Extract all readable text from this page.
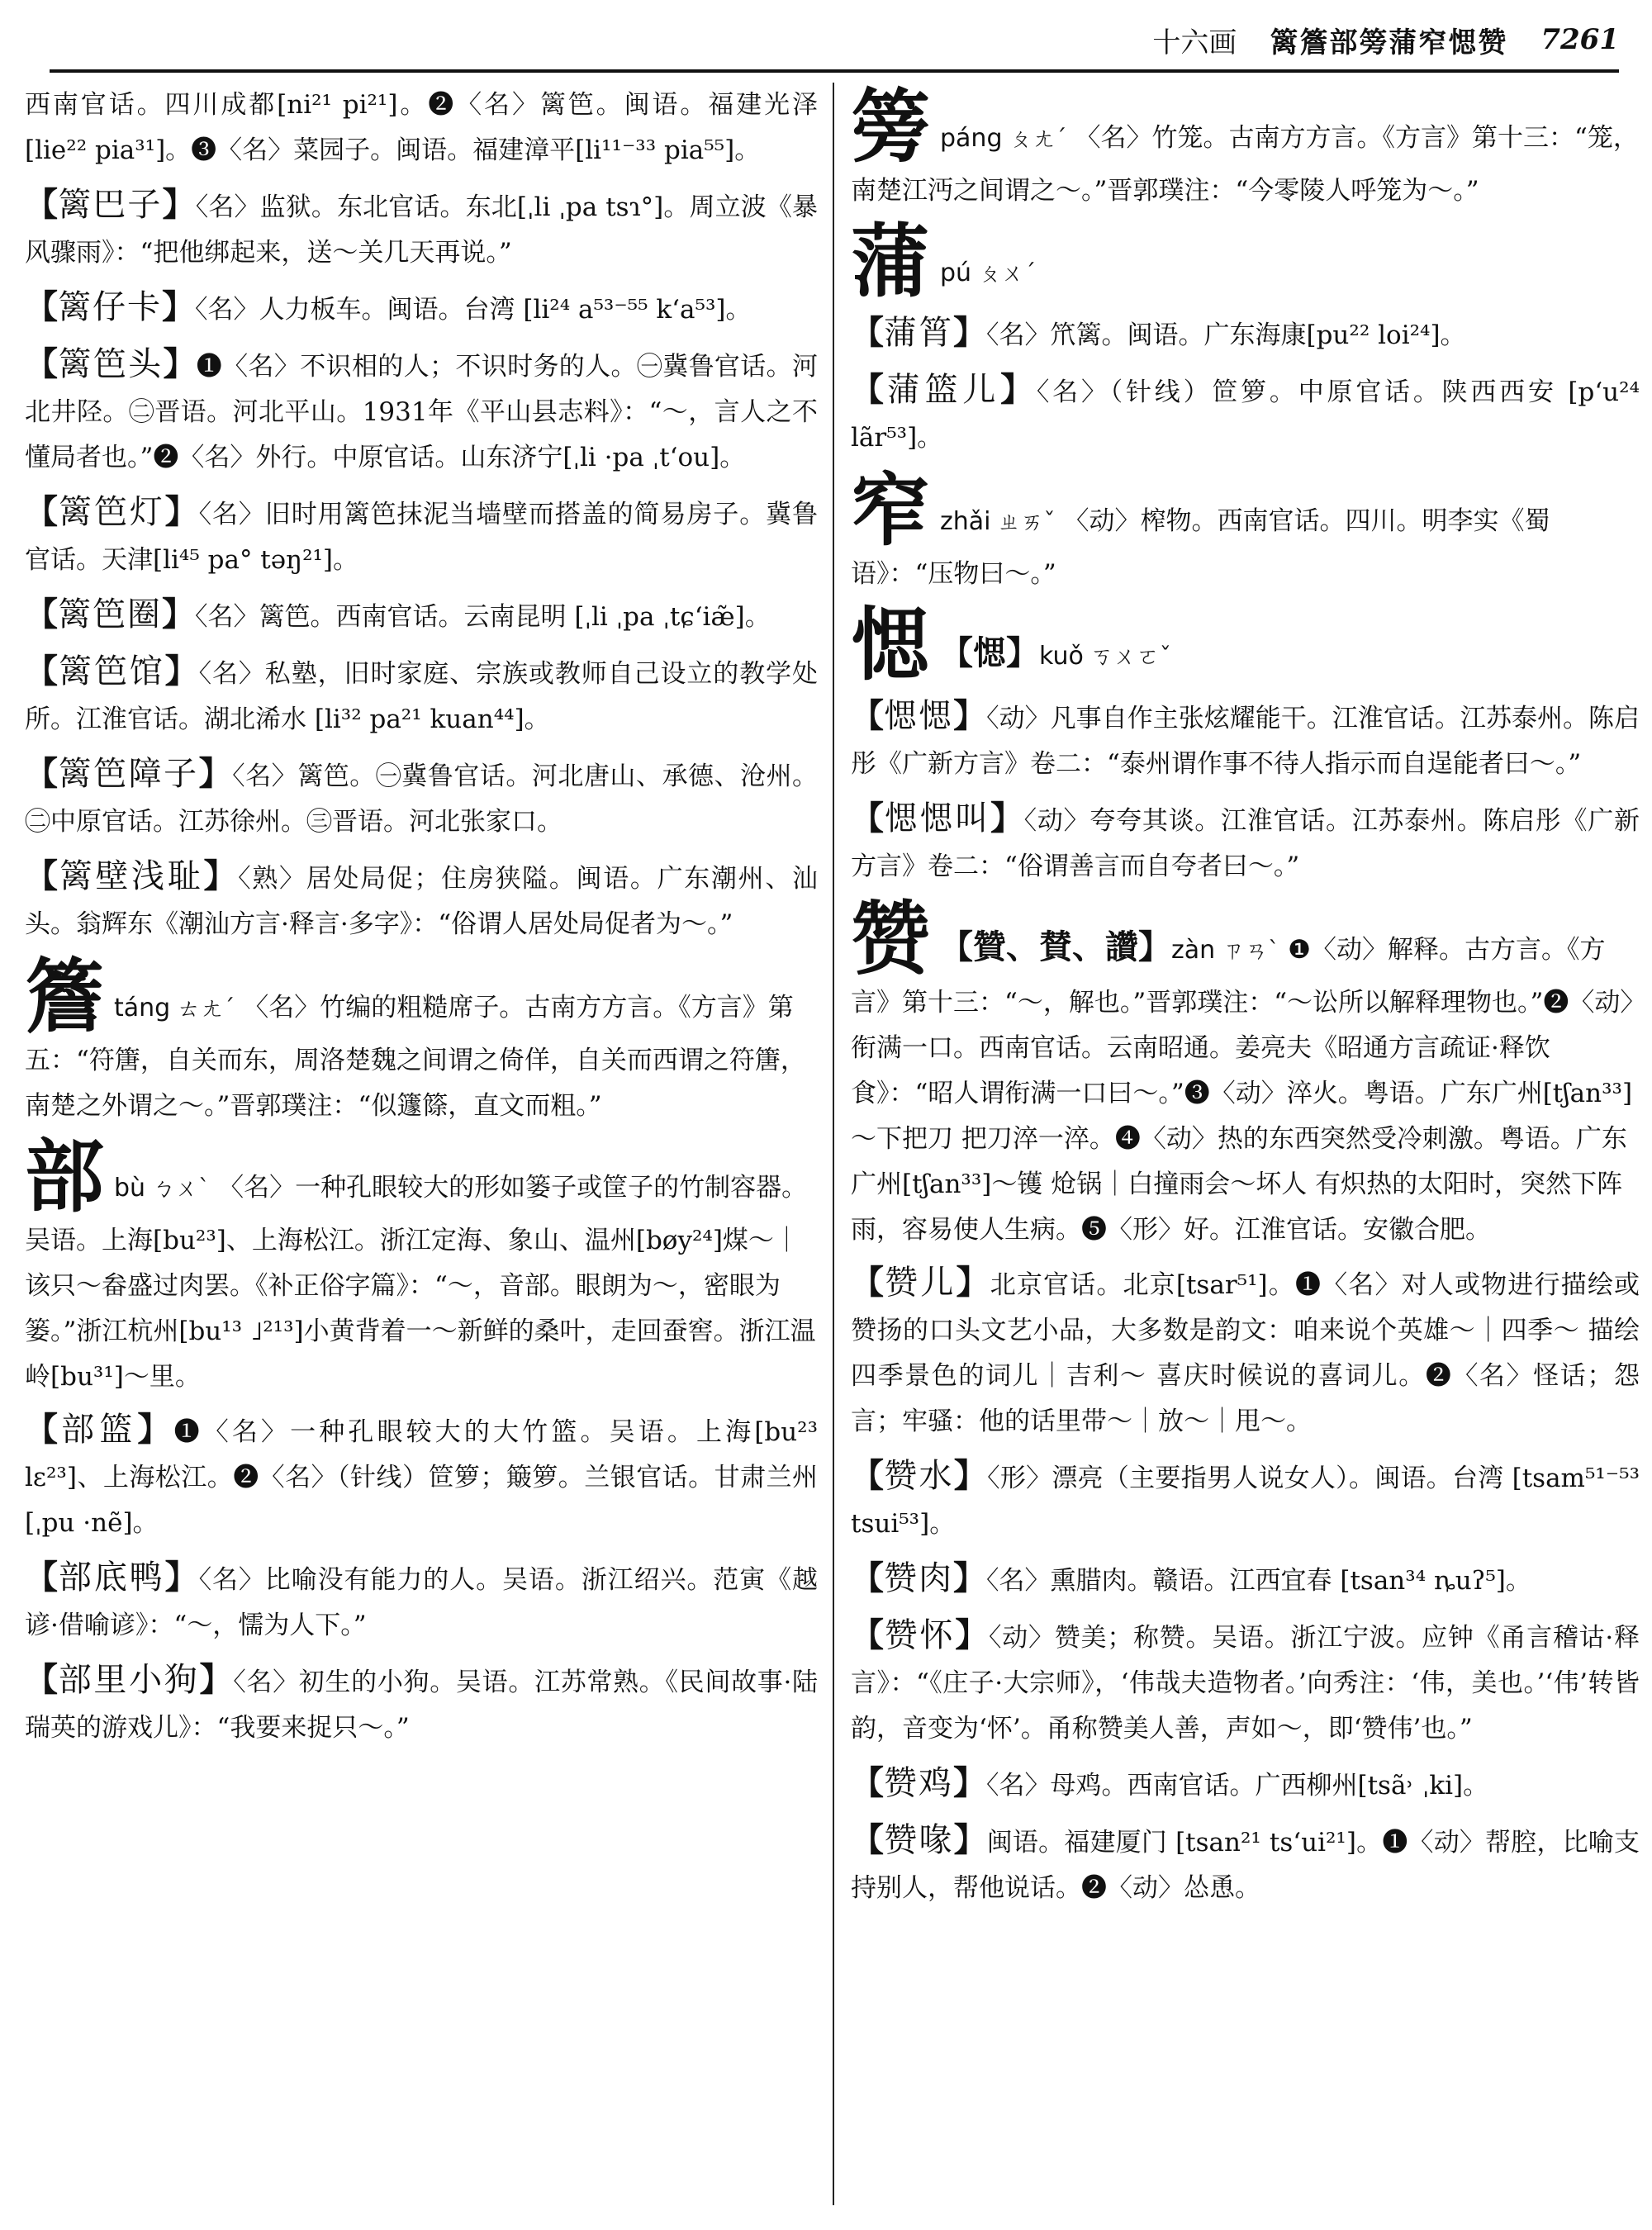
十六画 篱簷部篣蒲窄愢赞 7261
西南官话。四川成都[ni²¹ pi²¹]。❷〈名〉篱笆。闽语。福建光泽[lie²² pia³¹]。❸〈名〉菜园子。闽语。福建漳平[li¹¹⁻³³ pia⁵⁵]。
【篱巴子】〈名〉监狱。东北官话。东北[ˌli ˌpa tsɿ°]。周立波《暴风骤雨》：“把他绑起来，送～关几天再说。”
【篱仔卡】〈名〉人力板车。闽语。台湾 [li²⁴ a⁵³⁻⁵⁵ kʻa⁵³]。
【篱笆头】❶〈名〉不识相的人；不识时务的人。㊀冀鲁官话。河北井陉。㊁晋语。河北平山。1931年《平山县志料》：“～，言人之不懂局者也。”❷〈名〉外行。中原官话。山东济宁[ˌli ·pa ˌtʻou]。
【篱笆灯】〈名〉旧时用篱笆抹泥当墙壁而搭盖的简易房子。冀鲁官话。天津[li⁴⁵ pa° təŋ²¹]。
【篱笆圈】〈名〉篱笆。西南官话。云南昆明 [ˌli ˌpa ˌtɕʻiæ̃]。
【篱笆馆】〈名〉私塾，旧时家庭、宗族或教师自己设立的教学处所。江淮官话。湖北浠水 [li³² pa²¹ kuan⁴⁴]。
【篱笆障子】〈名〉篱笆。㊀冀鲁官话。河北唐山、承德、沧州。㊁中原官话。江苏徐州。㊂晋语。河北张家口。
【篱壁浅耻】〈熟〉居处局促；住房狭隘。闽语。广东潮州、汕头。翁辉东《潮汕方言·释言·多字》：“俗谓人居处局促者为～。”
簷táng ㄊㄤˊ 〈名〉竹编的粗糙席子。古南方方言。《方言》第五：“符篖，自关而东，周洛楚魏之间谓之倚佯，自关而西谓之符篖，南楚之外谓之～。”晋郭璞注：“似籧篨，直文而粗。”
部bù ㄅㄨˋ 〈名〉一种孔眼较大的形如篓子或筐子的竹制容器。吴语。上海[bu²³]、上海松江。浙江定海、象山、温州[bøy²⁴]煤～｜该只～畚盛过肉罢。《补正俗字篇》：“～，音部。眼朗为～，密眼为篓。”浙江杭州[bu¹³ ˩²¹³]小黄背着一～新鲜的桑叶，走回蚕窖。浙江温岭[bu³¹]～里。
【部篮】❶〈名〉一种孔眼较大的大竹篮。吴语。上海[bu²³ lɛ²³]、上海松江。❷〈名〉（针线）笸箩；簸箩。兰银官话。甘肃兰州[ˌpu ·nẽ]。
【部底鸭】〈名〉比喻没有能力的人。吴语。浙江绍兴。范寅《越谚·借喻谚》：“～，懦为人下。”
【部里小狗】〈名〉初生的小狗。吴语。江苏常熟。《民间故事·陆瑞英的游戏儿》：“我要来捉只～。”
篣páng ㄆㄤˊ 〈名〉竹笼。古南方方言。《方言》第十三：“笼，南楚江沔之间谓之～。”晋郭璞注：“今零陵人呼笼为～。”
蒲pú ㄆㄨˊ
【蒲筲】〈名〉笊篱。闽语。广东海康[pu²² loi²⁴]。
【蒲篮儿】〈名〉（针线）笸箩。中原官话。陕西西安 [pʻu²⁴ lãr⁵³]。
窄zhǎi ㄓㄞˇ 〈动〉榨物。西南官话。四川。明李实《蜀语》：“压物曰～。”
愢 【愢】kuǒ ㄎㄨㄛˇ
【愢愢】〈动〉凡事自作主张炫耀能干。江淮官话。江苏泰州。陈启彤《广新方言》卷二：“泰州谓作事不待人指示而自逞能者曰～。”
【愢愢叫】〈动〉夸夸其谈。江淮官话。江苏泰州。陈启彤《广新方言》卷二：“俗谓善言而自夸者曰～。”
赞 【贊、賛、讚】zàn ㄗㄢˋ ❶〈动〉解释。古方言。《方言》第十三：“～，解也。”晋郭璞注：“～讼所以解释理物也。”❷〈动〉衔满一口。西南官话。云南昭通。姜亮夫《昭通方言疏证·释饮食》：“昭人谓衔满一口曰～。”❸〈动〉淬火。粤语。广东广州[tʃan³³]～下把刀 把刀淬一淬。❹〈动〉热的东西突然受冷刺激。粤语。广东广州[tʃan³³]～镬 炝锅｜白撞雨会～坏人 有炽热的太阳时，突然下阵雨，容易使人生病。❺〈形〉好。江淮官话。安徽合肥。
【赞儿】北京官话。北京[tsar⁵¹]。❶〈名〉对人或物进行描绘或赞扬的口头文艺小品，大多数是韵文：咱来说个英雄～｜四季～ 描绘四季景色的词儿｜吉利～ 喜庆时候说的喜词儿。❷〈名〉怪话；怨言；牢骚：他的话里带～｜放～｜甩～。
【赞水】〈形〉漂亮（主要指男人说女人）。闽语。台湾 [tsam⁵¹⁻⁵³ tsui⁵³]。
【赞肉】〈名〉熏腊肉。赣语。江西宜春 [tsan³⁴ ȵuʔ⁵]。
【赞怀】〈动〉赞美；称赞。吴语。浙江宁波。应钟《甬言稽诂·释言》：“《庄子·大宗师》，‘伟哉夫造物者。’向秀注：‘伟，美也。’‘伟’转皆韵，音变为‘怀’。甬称赞美人善，声如～，即‘赞伟’也。”
【赞鸡】〈名〉母鸡。西南官话。广西柳州[tsã˒ ˌki]。
【赞喙】闽语。福建厦门 [tsan²¹ tsʻui²¹]。❶〈动〉帮腔，比喻支持别人，帮他说话。❷〈动〉怂恿。
